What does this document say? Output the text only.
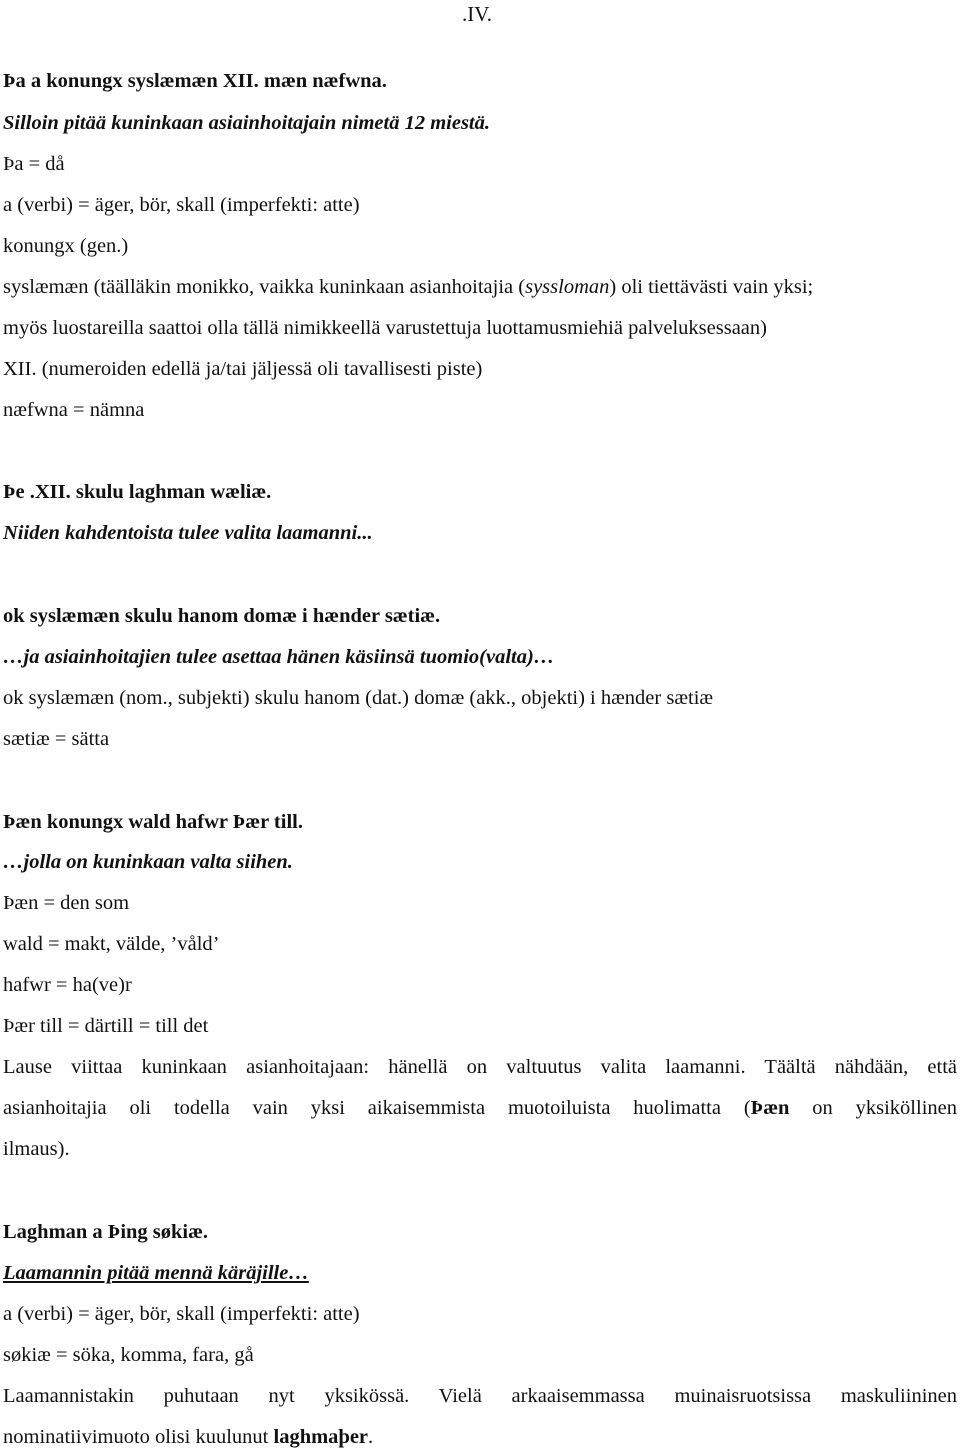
.IV.
Þa a konungx syslæmæn XII. mæn næfwna.
Silloin pitää kuninkaan asiainhoitajain nimetä 12 miestä.
Þa = då
a (verbi) = äger, bör, skall (imperfekti: atte)
konungx (gen.)
syslæmæn (täälläkin monikko, vaikka kuninkaan asianhoitajia (syssloman) oli tiettävästi vain yksi;
myös luostareilla saattoi olla tällä nimikkeellä varustettuja luottamusmiehiä palveluksessaan)
XII. (numeroiden edellä ja/tai jäljessä oli tavallisesti piste)
næfwna = nämna
Þe .XII. skulu laghman wæliæ.
Niiden kahdentoista tulee valita laamanni...
ok syslæmæn skulu hanom domæ i hænder sætiæ.
…ja asiainhoitajien tulee asettaa hänen käsiinsä tuomio(valta)…
ok syslæmæn (nom., subjekti) skulu hanom (dat.) domæ (akk., objekti) i hænder sætiæ
sætiæ = sätta
Þæn konungx wald hafwr Þær till.
…jolla on kuninkaan valta siihen.
Þæn = den som
wald = makt, välde, ’våld’
hafwr = ha(ve)r
Þær till = därtill = till det
Lause viittaa kuninkaan asianhoitajaan: hänellä on valtuutus valita laamanni. Täältä nähdään, että
asianhoitajia oli todella vain yksi aikaisemmista muotoiluista huolimatta (Þæn on yksiköllinen
ilmaus).
Laghman a Þing søkiæ.
Laamannin pitää mennä käräjille…
a (verbi) = äger, bör, skall (imperfekti: atte)
søkiæ = söka, komma, fara, gå
Laamannistakin puhutaan nyt yksikössä. Vielä arkaaisemmassa muinaisruotsissa maskuliininen
nominatiivimuoto olisi kuulunut laghmaþer.
